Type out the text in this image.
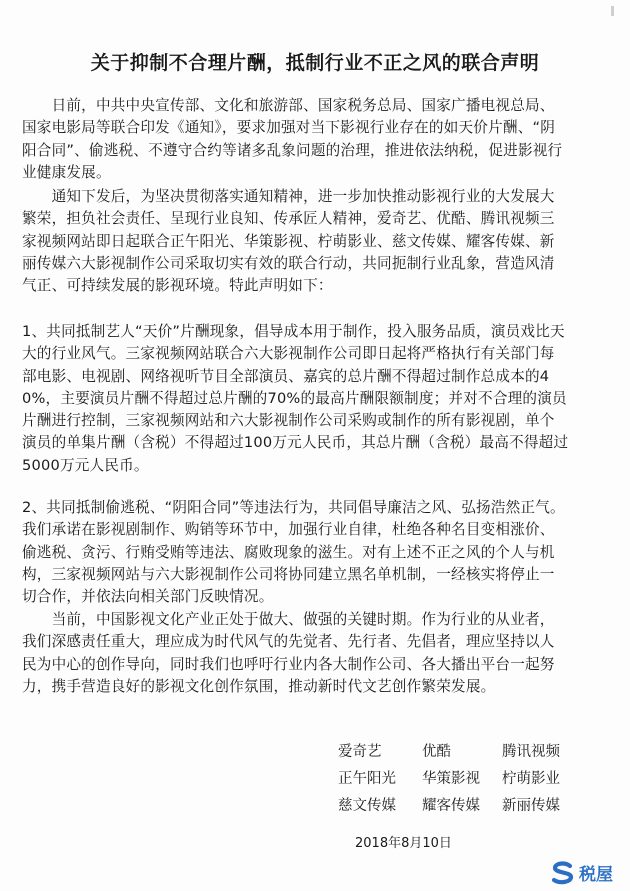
关于抑制不合理片酬，抵制行业不正之风的联合声明

　　日前，中共中央宣传部、文化和旅游部、国家税务总局、国家广播电视总局、
国家电影局等联合印发《通知》，要求加强对当下影视行业存在的如天价片酬、“阴
阳合同”、偷逃税、不遵守合约等诸多乱象问题的治理，推进依法纳税，促进影视行
业健康发展。

　　通知下发后，为坚决贯彻落实通知精神，进一步加快推动影视行业的大发展大
繁荣，担负社会责任、呈现行业良知、传承匠人精神，爱奇艺、优酷、腾讯视频三
家视频网站即日起联合正午阳光、华策影视、柠萌影业、慈文传媒、耀客传媒、新
丽传媒六大影视制作公司采取切实有效的联合行动，共同扼制行业乱象，营造风清
气正、可持续发展的影视环境。特此声明如下：

1、共同抵制艺人“天价”片酬现象，倡导成本用于制作，投入服务品质，演员戏比天
大的行业风气。三家视频网站联合六大影视制作公司即日起将严格执行有关部门每
部电影、电视剧、网络视听节目全部演员、嘉宾的总片酬不得超过制作总成本的4
0%，主要演员片酬不得超过总片酬的70%的最高片酬限额制度；并对不合理的演员
片酬进行控制，三家视频网站和六大影视制作公司采购或制作的所有影视剧，单个
演员的单集片酬（含税）不得超过100万元人民币，其总片酬（含税）最高不得超过
5000万元人民币。

2、共同抵制偷逃税、“阴阳合同”等违法行为，共同倡导廉洁之风、弘扬浩然正气。
我们承诺在影视剧制作、购销等环节中，加强行业自律，杜绝各种名目变相涨价、
偷逃税、贪污、行贿受贿等违法、腐败现象的滋生。对有上述不正之风的个人与机
构，三家视频网站与六大影视制作公司将协同建立黑名单机制，一经核实将停止一
切合作，并依法向相关部门反映情况。

　　当前，中国影视文化产业正处于做大、做强的关键时期。作为行业的从业者，
我们深感责任重大，理应成为时代风气的先觉者、先行者、先倡者，理应坚持以人
民为中心的创作导向，同时我们也呼吁行业内各大制作公司、各大播出平台一起努
力，携手营造良好的影视文化创作氛围，推动新时代文艺创作繁荣发展。

爱奇艺	优酷	腾讯视频
正午阳光	华策影视	柠萌影业
慈文传媒	耀客传媒	新丽传媒
2018年8月10日
税屋
